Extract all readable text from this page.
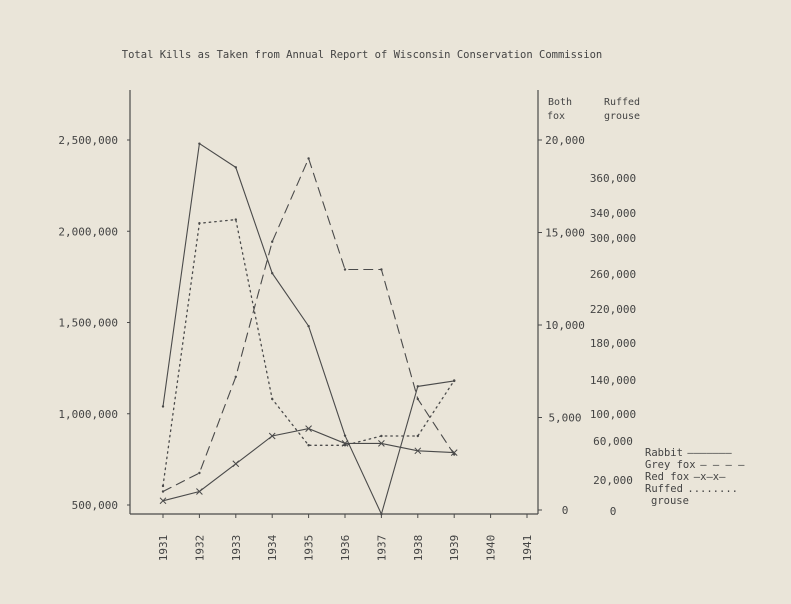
Total Kills as Taken from Annual Report of Wisconsin Conservation Commission
500,000
1,000,000
1,500,000
2,000,000
2,500,000
0
5,000
10,000
15,000
20,000
Both
fox
0
20,000
60,000
100,000
140,000
180,000
220,000
260,000
300,000
340,000
360,000
Ruffed
grouse
1931 1932 1933 1934 1935 1936 1937 1938 1939 1940 1941
Rabbit ———————
Grey fox — — — —
Red fox —x—x—
Ruffed ........
grouse
